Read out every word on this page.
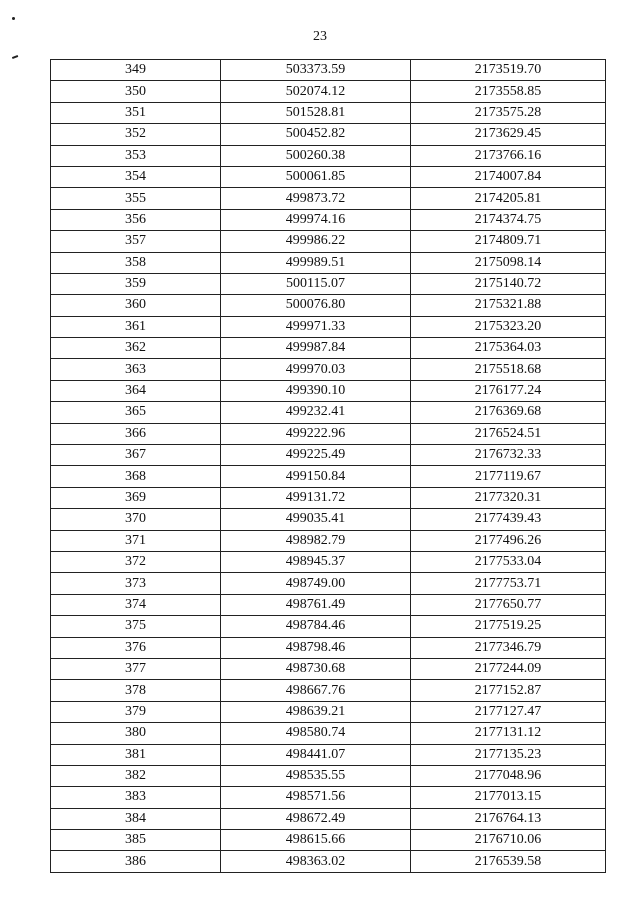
23
349	503373.59	2173519.70
350	502074.12	2173558.85
351	501528.81	2173575.28
352	500452.82	2173629.45
353	500260.38	2173766.16
354	500061.85	2174007.84
355	499873.72	2174205.81
356	499974.16	2174374.75
357	499986.22	2174809.71
358	499989.51	2175098.14
359	500115.07	2175140.72
360	500076.80	2175321.88
361	499971.33	2175323.20
362	499987.84	2175364.03
363	499970.03	2175518.68
364	499390.10	2176177.24
365	499232.41	2176369.68
366	499222.96	2176524.51
367	499225.49	2176732.33
368	499150.84	2177119.67
369	499131.72	2177320.31
370	499035.41	2177439.43
371	498982.79	2177496.26
372	498945.37	2177533.04
373	498749.00	2177753.71
374	498761.49	2177650.77
375	498784.46	2177519.25
376	498798.46	2177346.79
377	498730.68	2177244.09
378	498667.76	2177152.87
379	498639.21	2177127.47
380	498580.74	2177131.12
381	498441.07	2177135.23
382	498535.55	2177048.96
383	498571.56	2177013.15
384	498672.49	2176764.13
385	498615.66	2176710.06
386	498363.02	2176539.58
